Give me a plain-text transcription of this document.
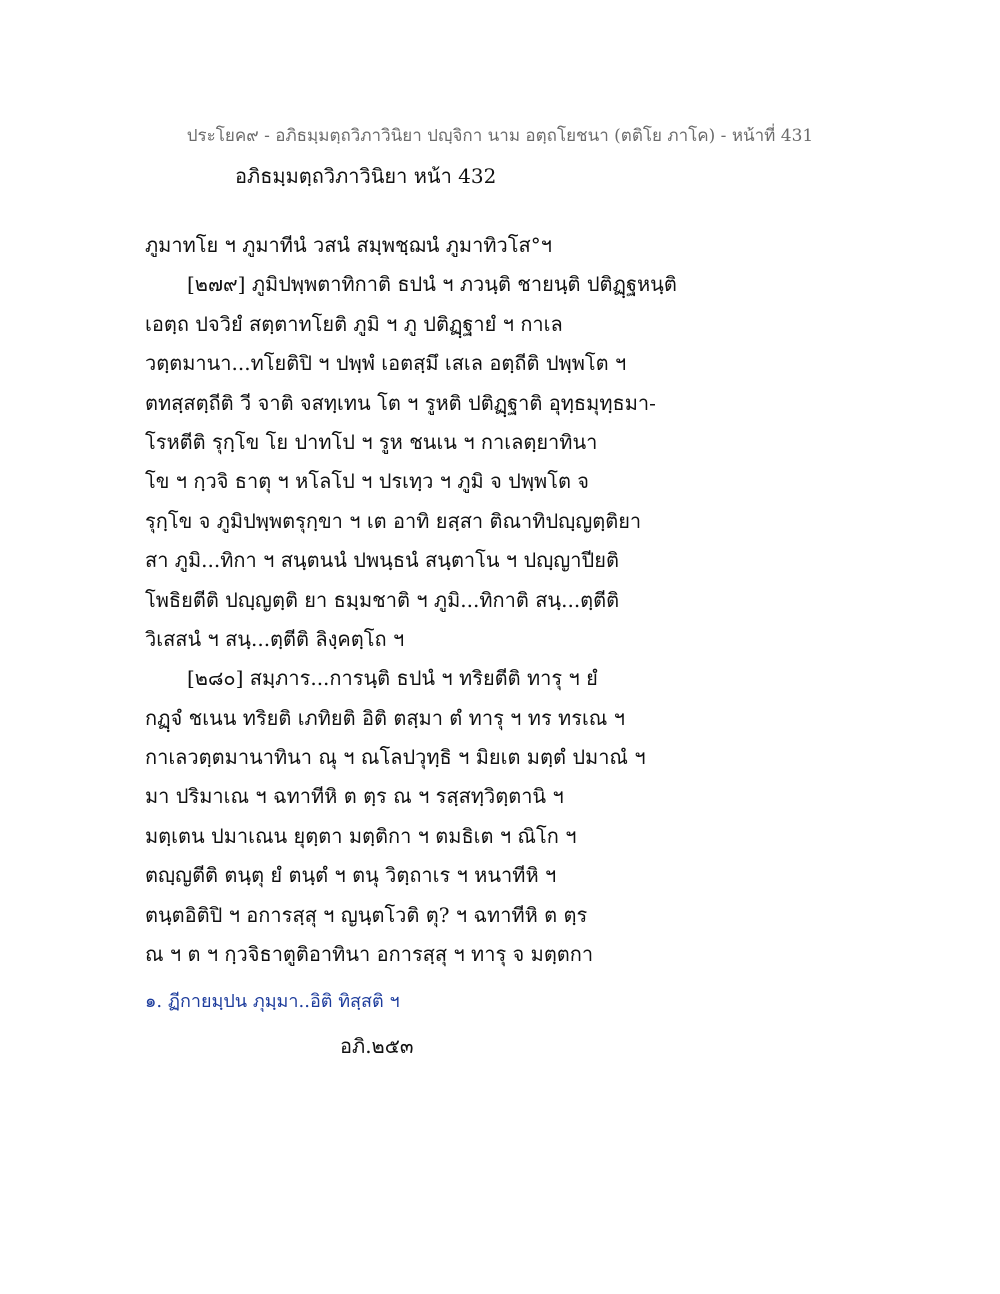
ประโยค๙ - อภิธมฺมตฺถวิภาวินิยา ปญฺจิกา นาม อตฺถโยชนา (ตติโย ภาโค) - หน้าที่ 431
อภิธมฺมตฺถวิภาวินิยา หน้า 432
ภูมาทโย ฯ ภูมาทีนํ วสนํ สมฺพชฺฌนํ ภูมาทิวโส°ฯ
[๒๗๙] ภูมิปพฺพตาทิกาติ ธปนํ ฯ ภวนฺติ ชายนฺติ ปติฏฺฐหนฺติ
เอตฺถ ปจวิยํ สตฺตาทโยติ ภูมิ ฯ ภู ปติฏฺฐายํ ฯ กาเล
วตฺตมานา...ทโยติปิ ฯ ปพฺพํ เอตสฺมึ เสเล อตฺถีติ ปพฺพโต ฯ
ตทสฺสตฺถีติ วี จาติ จสทฺเทน โต ฯ รูหติ ปติฏฺฐาติ อุทฺธมุทฺธมา-
โรหตีติ รุกฺโข โย ปาทโป ฯ รูห ชนเน ฯ กาเลตฺยาทินา
โข ฯ กฺวจิ ธาตุ ฯ หโลโป ฯ ปรเทฺว ฯ ภูมิ จ ปพฺพโต จ
รุกฺโข จ ภูมิปพฺพตรุกฺขา ฯ เต อาทิ ยสฺสา ติณาทิปญฺญตฺติยา
สา ภูมิ...ทิกา ฯ สนฺตนนํ ปพนฺธนํ สนฺตาโน ฯ ปญฺญาปียติ
โพธิยตีติ ปญฺญตฺติ ยา ธมฺมชาติ ฯ ภูมิ...ทิกาติ สนฺ...ตฺตีติ
วิเสสนํ ฯ สนฺ...ตฺตีติ ลิงฺคตฺโถ ฯ
[๒๘๐] สมฺภาร...การนฺติ ธปนํ ฯ ทริยตีติ ทารุ ฯ ยํ
กฏฺจํ ชเนน ทริยติ เภทิยติ อิติ ตสฺมา ตํ ทารุ ฯ ทร ทรเณ ฯ
กาเลวตฺตมานาทินา ณุ ฯ ณโลปวุทฺธิ ฯ มิยเต มตฺตํ ปมาณํ ฯ
มา ปริมาเณ ฯ ฉทาทีหิ ต ตฺร ณ ฯ รสฺสทฺวิตฺตานิ ฯ
มตฺเตน ปมาเณน ยุตฺตา มตฺติกา ฯ ตมธิเต ฯ ณิโก ฯ
ตญฺญตีติ ตนฺตุ ยํ ตนฺตํ ฯ ตนุ วิตฺถาเร ฯ หนาทีหิ ฯ
ตนฺตอิติปิ ฯ อการสฺสุ ฯ ญนฺตโวติ ตุ? ฯ ฉทาทีหิ ต ตฺร
ณ ฯ ต ฯ กฺวจิธาตูติอาทินา อการสฺสุ ฯ ทารุ จ มตฺตกา
๑. ฏีกายมฺปน ภุมฺมา..อิติ ทิสฺสติ ฯ
อภิ.๒๕๓
